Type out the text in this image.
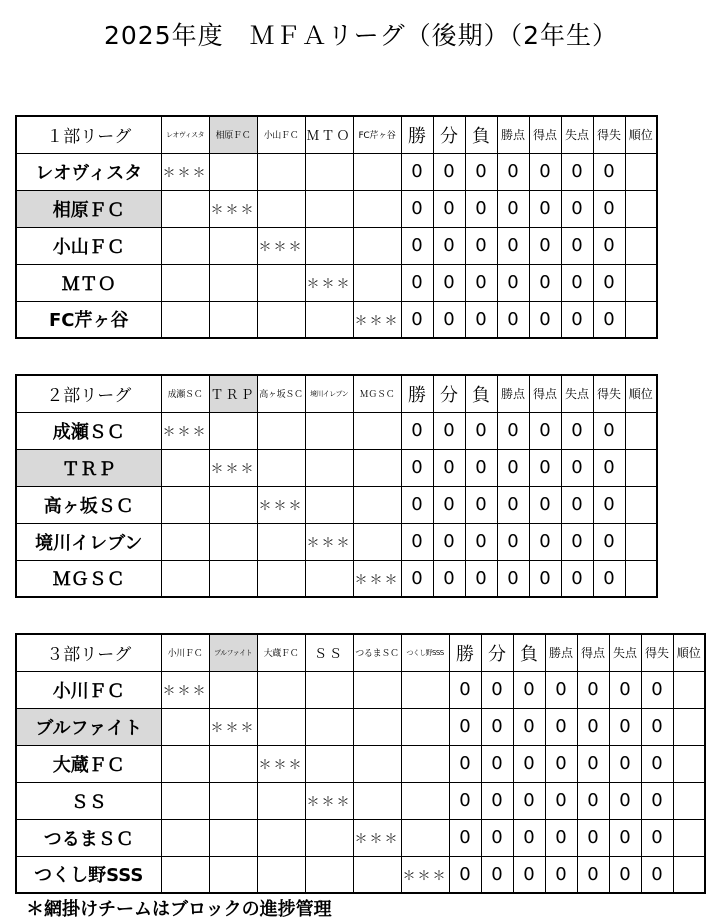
2025年度　ＭＦＡリーグ（後期）（2年生）
１部リーグ	レオヴィスタ	相原ＦＣ	小山ＦＣ	ＭＴＯ	FC芹ヶ谷	勝	分	負	勝点	得点	失点	得失	順位
レオヴィスタ	＊＊＊					0	0	0	0	0	0	0	
相原ＦＣ		＊＊＊				0	0	0	0	0	0	0	
小山ＦＣ			＊＊＊			0	0	0	0	0	0	0	
ＭＴＯ				＊＊＊		0	0	0	0	0	0	0	
FC芹ヶ谷					＊＊＊	0	0	0	0	0	0	0	
２部リーグ	成瀬ＳＣ	ＴＲＰ	高ヶ坂ＳＣ	境川イレブン	ＭＧＳＣ	勝	分	負	勝点	得点	失点	得失	順位
成瀬ＳＣ	＊＊＊					0	0	0	0	0	0	0	
ＴＲＰ		＊＊＊				0	0	0	0	0	0	0	
高ヶ坂ＳＣ			＊＊＊			0	0	0	0	0	0	0	
境川イレブン				＊＊＊		0	0	0	0	0	0	0	
ＭＧＳＣ					＊＊＊	0	0	0	0	0	0	0	
３部リーグ	小川ＦＣ	ブルファイト	大蔵ＦＣ	ＳＳ	つるまＳＣ	つくし野SSS	勝	分	負	勝点	得点	失点	得失	順位
小川ＦＣ	＊＊＊						0	0	0	0	0	0	0	
ブルファイト		＊＊＊					0	0	0	0	0	0	0	
大蔵ＦＣ			＊＊＊				0	0	0	0	0	0	0	
ＳＳ				＊＊＊			0	0	0	0	0	0	0	
つるまＳＣ					＊＊＊		0	0	0	0	0	0	0	
つくし野SSS						＊＊＊	0	0	0	0	0	0	0	
＊網掛けチームはブロックの進捗管理
